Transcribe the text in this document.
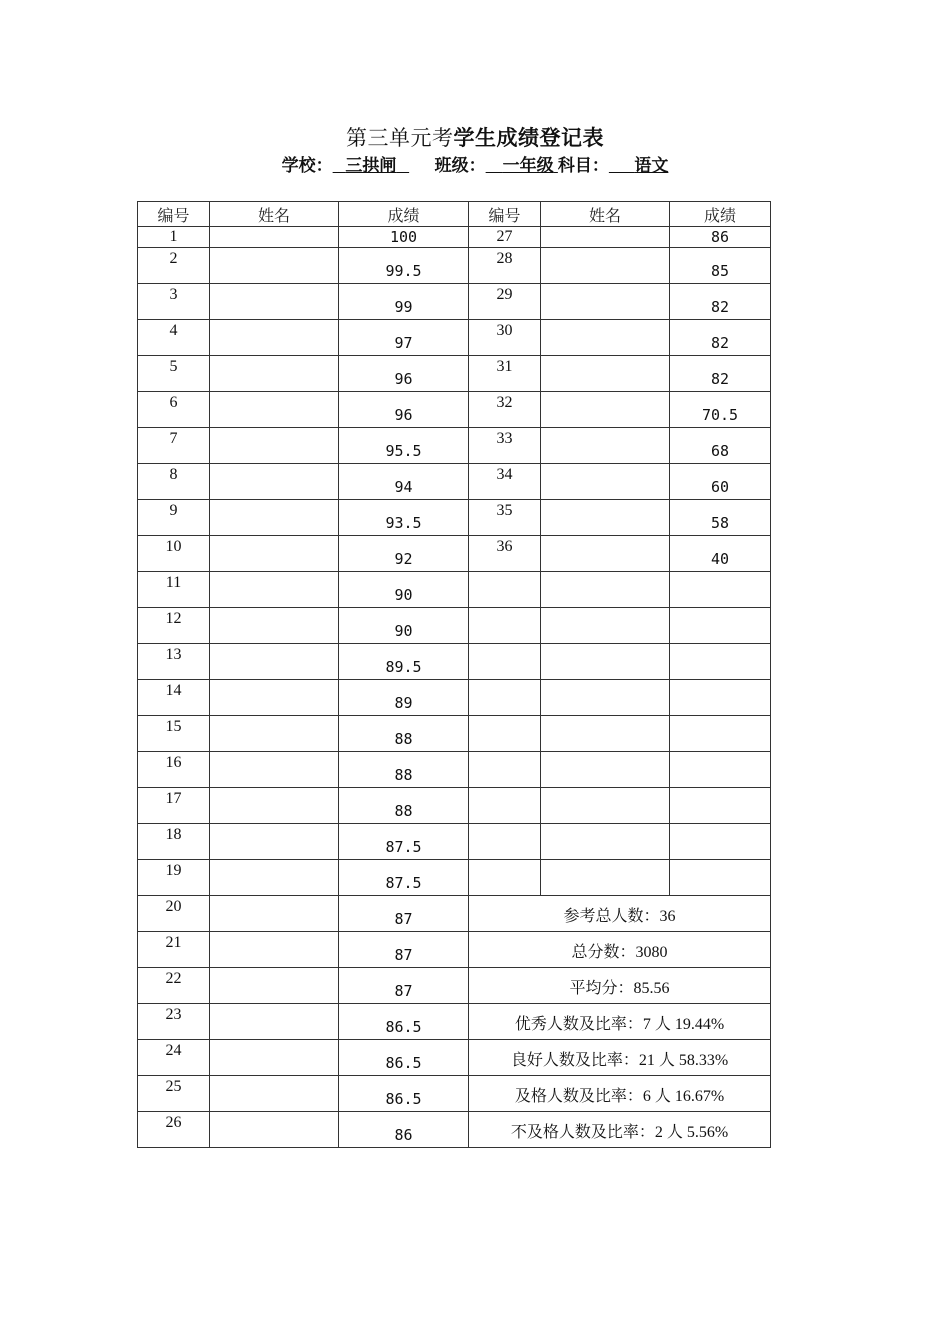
第三单元考学生成绩登记表
学校： 三拱闸 班级： 一年级 科目： 语文
编号	姓名	成绩	编号	姓名	成绩
1		100	27		86

2		99.5	28		85

3		99	29		82

4		97	30		82

5		96	31		82

6		96	32		70.5

7		95.5	33		68

8		94	34		60

9		93.5	35		58

10		92	36		40

11		90			

12		90			

13		89.5			

14		89			

15		88			

16		88			

17		88			

18		87.5			

19		87.5			

20		87	参考总人数：36		

21		87	总分数：3080		

22		87	平均分：85.56		

23		86.5	优秀人数及比率：7 人 19.44%		

24		86.5	良好人数及比率：21 人 58.33%		

25		86.5	及格人数及比率：6 人 16.67%		

26		86	不及格人数及比率：2 人 5.56%		
